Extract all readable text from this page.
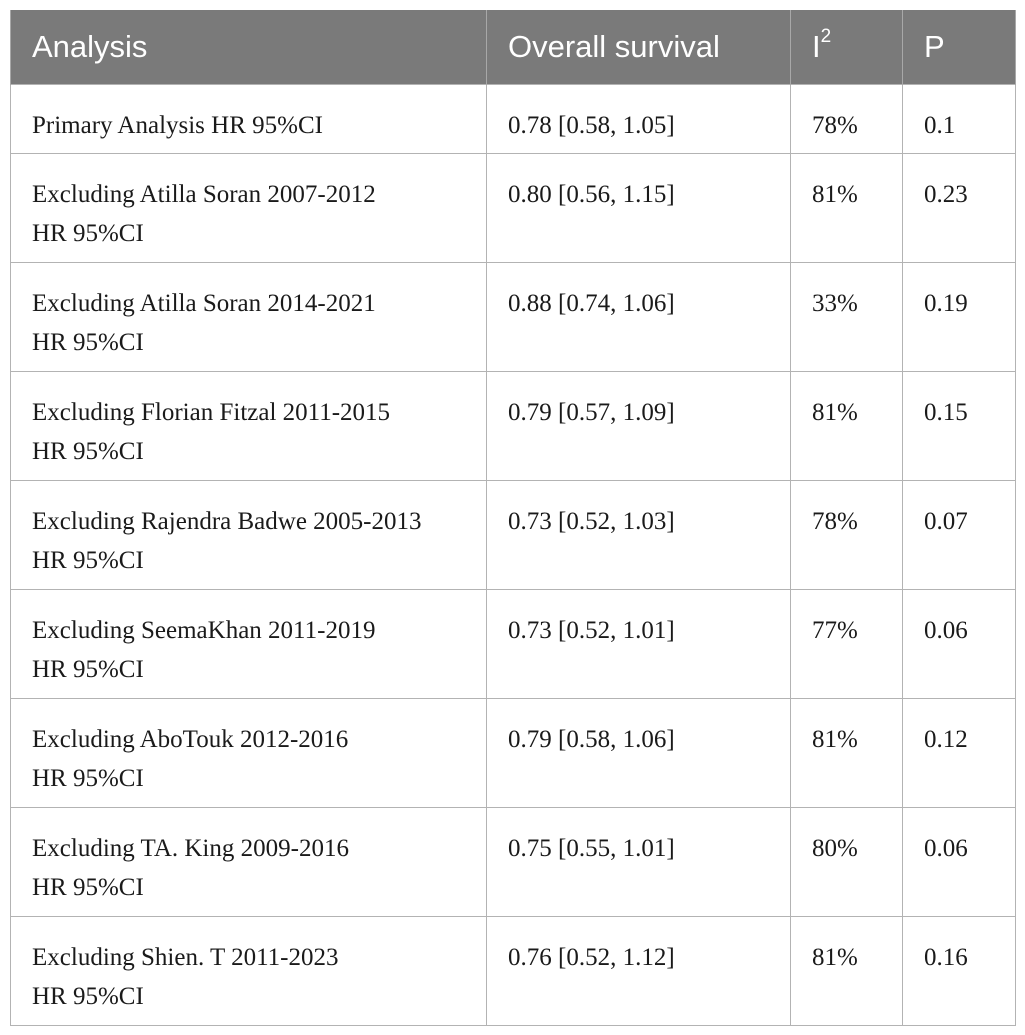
Analysis	Overall survival	$I^2$	P

Primary Analysis HR 95%CI	0.78 [0.58, 1.05]	78%	0.1

Excluding Atilla Soran 2007-2012
HR 95%CI	0.80 [0.56, 1.15]	81%	0.23

Excluding Atilla Soran 2014-2021
HR 95%CI	0.88 [0.74, 1.06]	33%	0.19

Excluding Florian Fitzal 2011-2015
HR 95%CI	0.79 [0.57, 1.09]	81%	0.15

Excluding Rajendra Badwe 2005-2013
HR 95%CI	0.73 [0.52, 1.03]	78%	0.07

Excluding SeemaKhan 2011-2019
HR 95%CI	0.73 [0.52, 1.01]	77%	0.06

Excluding AboTouk 2012-2016
HR 95%CI	0.79 [0.58, 1.06]	81%	0.12

Excluding TA. King 2009-2016
HR 95%CI	0.75 [0.55, 1.01]	80%	0.06

Excluding Shien. T 2011-2023
HR 95%CI	0.76 [0.52, 1.12]	81%	0.16
